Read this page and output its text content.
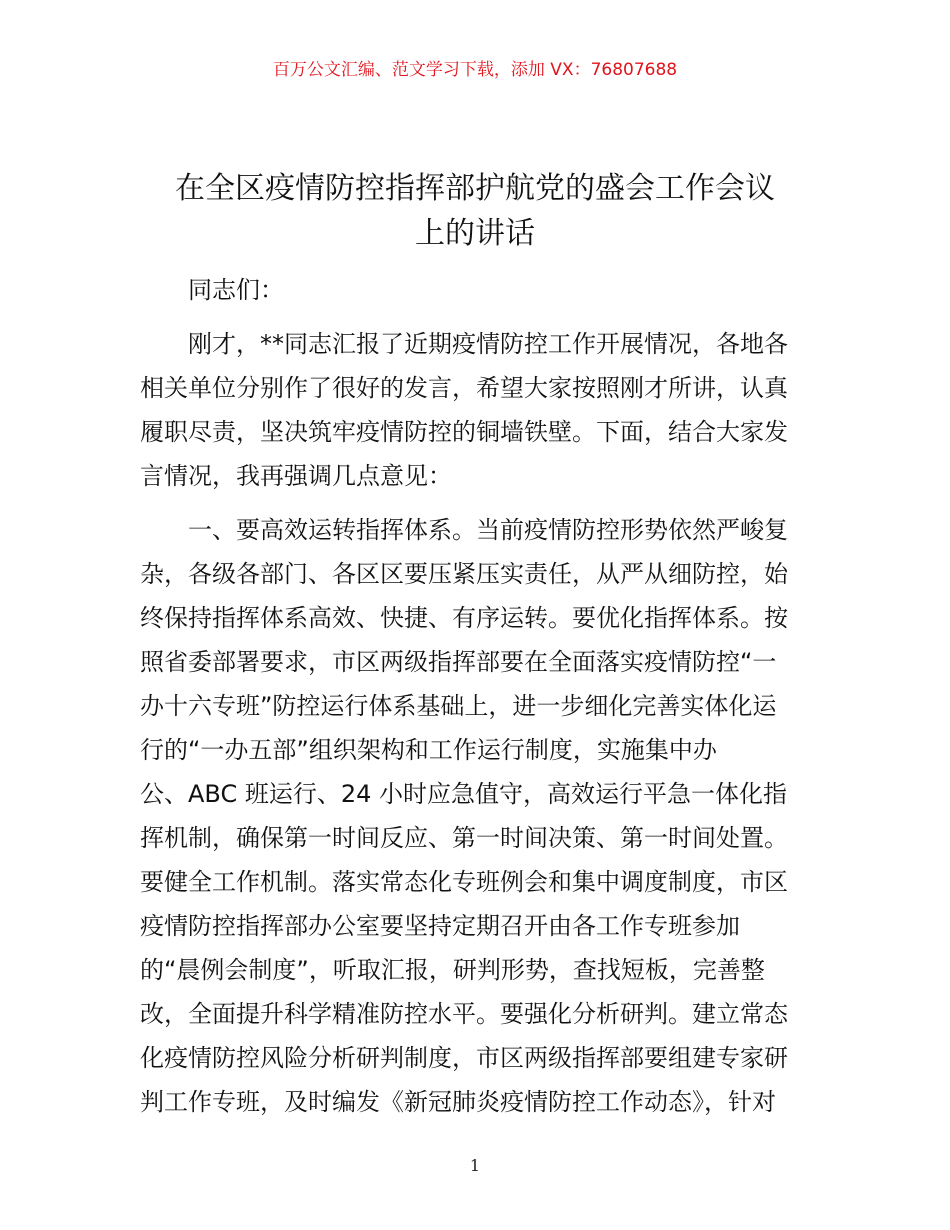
百万公文汇编、范文学习下载，添加 VX：76807688
在全区疫情防控指挥部护航党的盛会工作会议
上的讲话

　　同志们：

　　刚才，**同志汇报了近期疫情防控工作开展情况，各地各

相关单位分别作了很好的发言，希望大家按照刚才所讲，认真

履职尽责，坚决筑牢疫情防控的铜墙铁壁。下面，结合大家发

言情况，我再强调几点意见：

　　一、要高效运转指挥体系。当前疫情防控形势依然严峻复

杂，各级各部门、各区区要压紧压实责任，从严从细防控，始

终保持指挥体系高效、快捷、有序运转。要优化指挥体系。按

照省委部署要求，市区两级指挥部要在全面落实疫情防控“一

办十六专班”防控运行体系基础上，进一步细化完善实体化运

行的“一办五部”组织架构和工作运行制度，实施集中办

公、ABC 班运行、24 小时应急值守，高效运行平急一体化指

挥机制，确保第一时间反应、第一时间决策、第一时间处置。

要健全工作机制。落实常态化专班例会和集中调度制度，市区

疫情防控指挥部办公室要坚持定期召开由各工作专班参加

的“晨例会制度”，听取汇报，研判形势，查找短板，完善整

改，全面提升科学精准防控水平。要强化分析研判。建立常态

化疫情防控风险分析研判制度，市区两级指挥部要组建专家研

判工作专班，及时编发《新冠肺炎疫情防控工作动态》，针对

1
